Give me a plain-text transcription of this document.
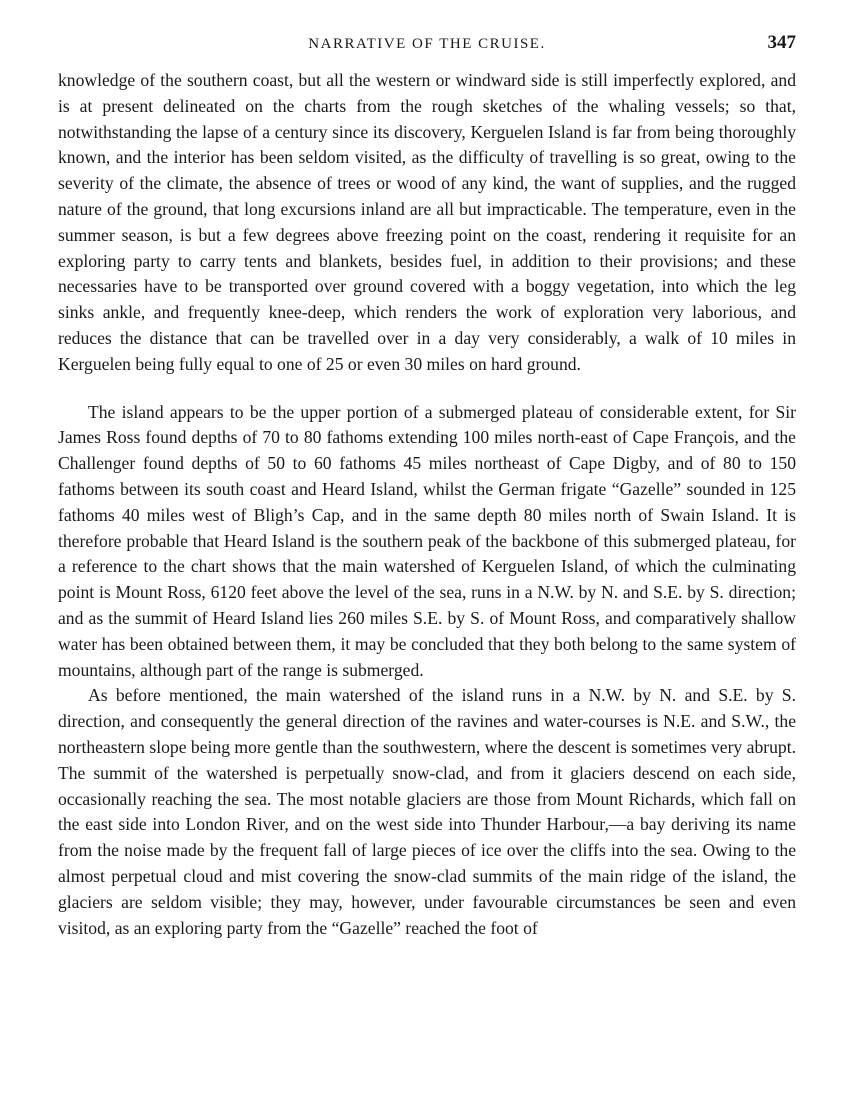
NARRATIVE OF THE CRUISE.	347

knowledge of the southern coast, but all the western or windward side is still imperfectly explored, and is at present delineated on the charts from the rough sketches of the whaling vessels; so that, notwithstanding the lapse of a century since its discovery, Kerguelen Island is far from being thoroughly known, and the interior has been seldom visited, as the difficulty of travelling is so great, owing to the severity of the climate, the absence of trees or wood of any kind, the want of supplies, and the rugged nature of the ground, that long excursions inland are all but impracticable. The temperature, even in the summer season, is but a few degrees above freezing point on the coast, rendering it requisite for an exploring party to carry tents and blankets, besides fuel, in addition to their provisions; and these necessaries have to be transported over ground covered with a boggy vegetation, into which the leg sinks ankle, and frequently knee-deep, which renders the work of exploration very laborious, and reduces the distance that can be travelled over in a day very considerably, a walk of 10 miles in Kerguelen being fully equal to one of 25 or even 30 miles on hard ground.

The island appears to be the upper portion of a submerged plateau of considerable extent, for Sir James Ross found depths of 70 to 80 fathoms extending 100 miles north-east of Cape François, and the Challenger found depths of 50 to 60 fathoms 45 miles northeast of Cape Digby, and of 80 to 150 fathoms between its south coast and Heard Island, whilst the German frigate “Gazelle” sounded in 125 fathoms 40 miles west of Bligh’s Cap, and in the same depth 80 miles north of Swain Island. It is therefore probable that Heard Island is the southern peak of the backbone of this submerged plateau, for a reference to the chart shows that the main watershed of Kerguelen Island, of which the culminating point is Mount Ross, 6120 feet above the level of the sea, runs in a N.W. by N. and S.E. by S. direction; and as the summit of Heard Island lies 260 miles S.E. by S. of Mount Ross, and comparatively shallow water has been obtained between them, it may be concluded that they both belong to the same system of mountains, although part of the range is submerged.

As before mentioned, the main watershed of the island runs in a N.W. by N. and S.E. by S. direction, and consequently the general direction of the ravines and water-courses is N.E. and S.W., the northeastern slope being more gentle than the southwestern, where the descent is sometimes very abrupt. The summit of the watershed is perpetually snow-clad, and from it glaciers descend on each side, occasionally reaching the sea. The most notable glaciers are those from Mount Richards, which fall on the east side into London River, and on the west side into Thunder Harbour,—a bay deriving its name from the noise made by the frequent fall of large pieces of ice over the cliffs into the sea. Owing to the almost perpetual cloud and mist covering the snow-clad summits of the main ridge of the island, the glaciers are seldom visible; they may, however, under favourable circumstances be seen and even visitod, as an exploring party from the “Gazelle” reached the foot of
